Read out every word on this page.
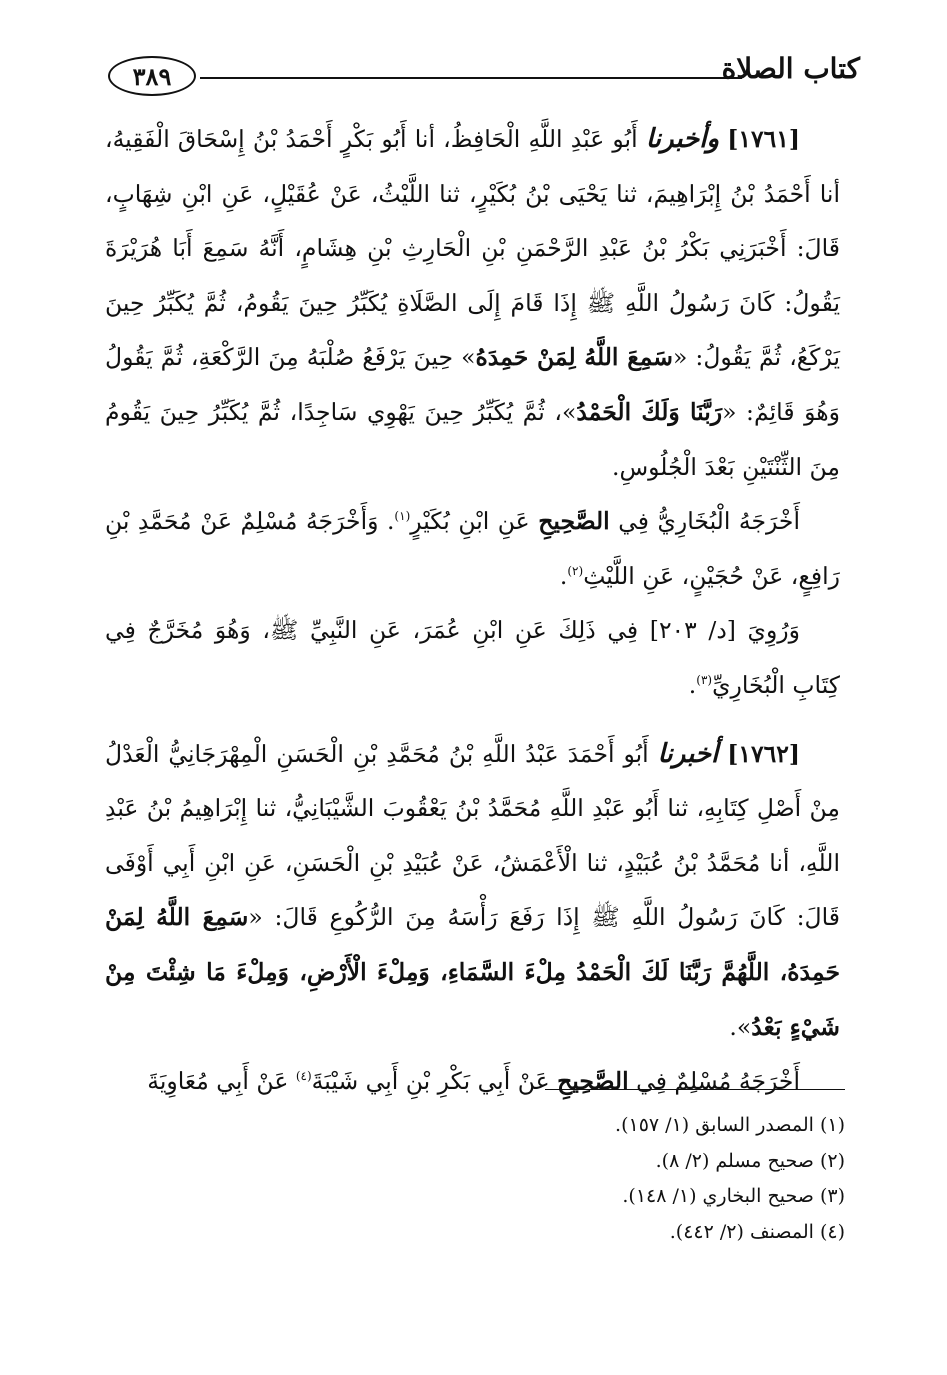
٣٨٩	كتاب الصلاة

[١٧٦١] وأخبرنا أَبُو عَبْدِ اللَّهِ الْحَافِظُ، أنا أَبُو بَكْرٍ أَحْمَدُ بْنُ إِسْحَاقَ الْفَقِيهُ، أنا أَحْمَدُ بْنُ إِبْرَاهِيمَ، ثنا يَحْيَى بْنُ بُكَيْرٍ، ثنا اللَّيْثُ، عَنْ عُقَيْلٍ، عَنِ ابْنِ شِهَابٍ، قَالَ: أَخْبَرَنِي بَكْرُ بْنُ عَبْدِ الرَّحْمَنِ بْنِ الْحَارِثِ بْنِ هِشَامٍ، أَنَّهُ سَمِعَ أَبَا هُرَيْرَةَ يَقُولُ: كَانَ رَسُولُ اللَّهِ ﷺ إِذَا قَامَ إِلَى الصَّلَاةِ يُكَبِّرُ حِينَ يَقُومُ، ثُمَّ يُكَبِّرُ حِينَ يَرْكَعُ، ثُمَّ يَقُولُ: «سَمِعَ اللَّهُ لِمَنْ حَمِدَهُ» حِينَ يَرْفَعُ صُلْبَهُ مِنَ الرَّكْعَةِ، ثُمَّ يَقُولُ وَهُوَ قَائِمٌ: «رَبَّنَا وَلَكَ الْحَمْدُ»، ثُمَّ يُكَبِّرُ حِينَ يَهْوِي سَاجِدًا، ثُمَّ يُكَبِّرُ حِينَ يَقُومُ مِنَ الثِّنْتَيْنِ بَعْدَ الْجُلُوسِ.

أَخْرَجَهُ الْبُخَارِيُّ فِي الصَّحِيحِ عَنِ ابْنِ بُكَيْرٍ$^{(١)}$. وَأَخْرَجَهُ مُسْلِمٌ عَنْ مُحَمَّدِ بْنِ رَافِعٍ، عَنْ حُجَيْنٍ، عَنِ اللَّيْثِ$^{(٢)}$.

وَرُوِيَ [د/ ٢٠٣] فِي ذَلِكَ عَنِ ابْنِ عُمَرَ، عَنِ النَّبِيِّ ﷺ، وَهُوَ مُخَرَّجٌ فِي كِتَابِ الْبُخَارِيِّ$^{(٣)}$.

[١٧٦٢] أخبرنا أَبُو أَحْمَدَ عَبْدُ اللَّهِ بْنُ مُحَمَّدِ بْنِ الْحَسَنِ الْمِهْرَجَانِيُّ الْعَدْلُ مِنْ أَصْلِ كِتَابِهِ، ثنا أَبُو عَبْدِ اللَّهِ مُحَمَّدُ بْنُ يَعْقُوبَ الشَّيْبَانِيُّ، ثنا إِبْرَاهِيمُ بْنُ عَبْدِ اللَّهِ، أنا مُحَمَّدُ بْنُ عُبَيْدٍ، ثنا الْأَعْمَشُ، عَنْ عُبَيْدِ بْنِ الْحَسَنِ، عَنِ ابْنِ أَبِي أَوْفَى قَالَ: كَانَ رَسُولُ اللَّهِ ﷺ إِذَا رَفَعَ رَأْسَهُ مِنَ الرُّكُوعِ قَالَ: «سَمِعَ اللَّهُ لِمَنْ حَمِدَهُ، اللَّهُمَّ رَبَّنَا لَكَ الْحَمْدُ مِلْءَ السَّمَاءِ، وَمِلْءَ الْأَرْضِ، وَمِلْءَ مَا شِئْتَ مِنْ شَيْءٍ بَعْدُ».

أَخْرَجَهُ مُسْلِمٌ فِي الصَّحِيحِ عَنْ أَبِي بَكْرِ بْنِ أَبِي شَيْبَةَ$^{(٤)}$ عَنْ أَبِي مُعَاوِيَةَ

(١) المصدر السابق (١/ ١٥٧).

(٢) صحيح مسلم (٢/ ٨).

(٣) صحيح البخاري (١/ ١٤٨).

(٤) المصنف (٢/ ٤٤٢).
